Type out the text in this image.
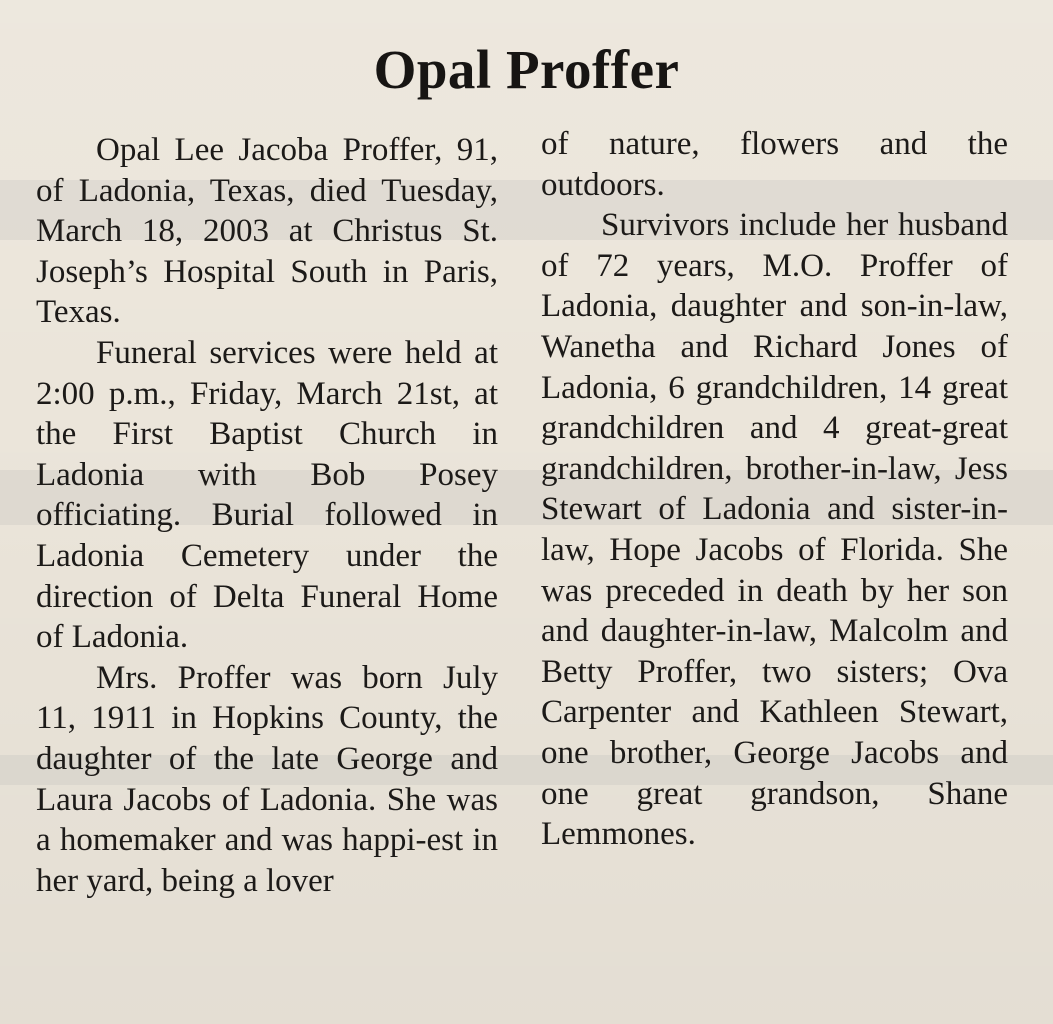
Opal Proffer

Opal Lee Jacoba Proffer, 91, of Ladonia, Texas, died Tuesday, March 18, 2003 at Christus St. Joseph’s Hospital South in Paris, Texas.

Funeral services were held at 2:00 p.m., Friday, March 21st, at the First Baptist Church in Ladonia with Bob Posey officiating. Burial followed in Ladonia Cemetery under the direction of Delta Funeral Home of Ladonia.

Mrs. Proffer was born July 11, 1911 in Hopkins County, the daughter of the late George and Laura Jacobs of Ladonia. She was a homemaker and was happi-est in her yard, being a lover

of nature, flowers and the outdoors.

Survivors include her husband of 72 years, M.O. Proffer of Ladonia, daughter and son-in-law, Wanetha and Richard Jones of Ladonia, 6 grandchildren, 14 great grandchildren and 4 great-great grandchildren, brother-in-law, Jess Stewart of Ladonia and sister-in-law, Hope Jacobs of Florida. She was preceded in death by her son and daughter-in-law, Malcolm and Betty Proffer, two sisters; Ova Carpenter and Kathleen Stewart, one brother, George Jacobs and one great grandson, Shane Lemmones.
